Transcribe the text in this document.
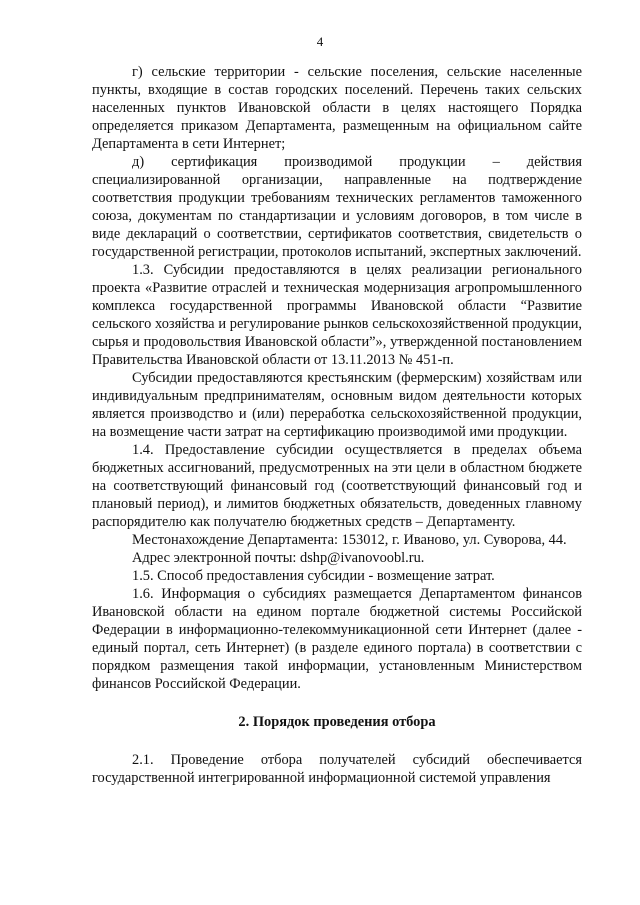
4

г) сельские территории - сельские поселения, сельские населенные пункты, входящие в состав городских поселений. Перечень таких сельских населенных пунктов Ивановской области в целях настоящего Порядка определяется приказом Департамента, размещенным на официальном сайте Департамента в сети Интернет;

д) сертификация производимой продукции – действия специализированной организации, направленные на подтверждение соответствия продукции требованиям технических регламентов таможенного союза, документам по стандартизации и условиям договоров, в том числе в виде деклараций о соответствии, сертификатов соответствия, свидетельств о государственной регистрации, протоколов испытаний, экспертных заключений.

1.3. Субсидии предоставляются в целях реализации регионального проекта «Развитие отраслей и техническая модернизация агропромышленного комплекса государственной программы Ивановской области “Развитие сельского хозяйства и регулирование рынков сельскохозяйственной продукции, сырья и продовольствия Ивановской области”», утвержденной постановлением Правительства Ивановской области от 13.11.2013 № 451-п.

Субсидии предоставляются крестьянским (фермерским) хозяйствам или индивидуальным предпринимателям, основным видом деятельности которых является производство и (или) переработка сельскохозяйственной продукции, на возмещение части затрат на сертификацию производимой ими продукции.

1.4. Предоставление субсидии осуществляется в пределах объема бюджетных ассигнований, предусмотренных на эти цели в областном бюджете на соответствующий финансовый год (соответствующий финансовый год и плановый период), и лимитов бюджетных обязательств, доведенных главному распорядителю как получателю бюджетных средств – Департаменту.

Местонахождение Департамента: 153012, г. Иваново, ул. Суворова, 44.

Адрес электронной почты: dshp@ivanovoobl.ru.

1.5. Способ предоставления субсидии - возмещение затрат.

1.6. Информация о субсидиях размещается Департаментом финансов Ивановской области на едином портале бюджетной системы Российской Федерации в информационно-телекоммуникационной сети Интернет (далее - единый портал, сеть Интернет) (в разделе единого портала) в соответствии с порядком размещения такой информации, установленным Министерством финансов Российской Федерации.

2. Порядок проведения отбора

2.1. Проведение отбора получателей субсидий обеспечивается государственной интегрированной информационной системой управления
